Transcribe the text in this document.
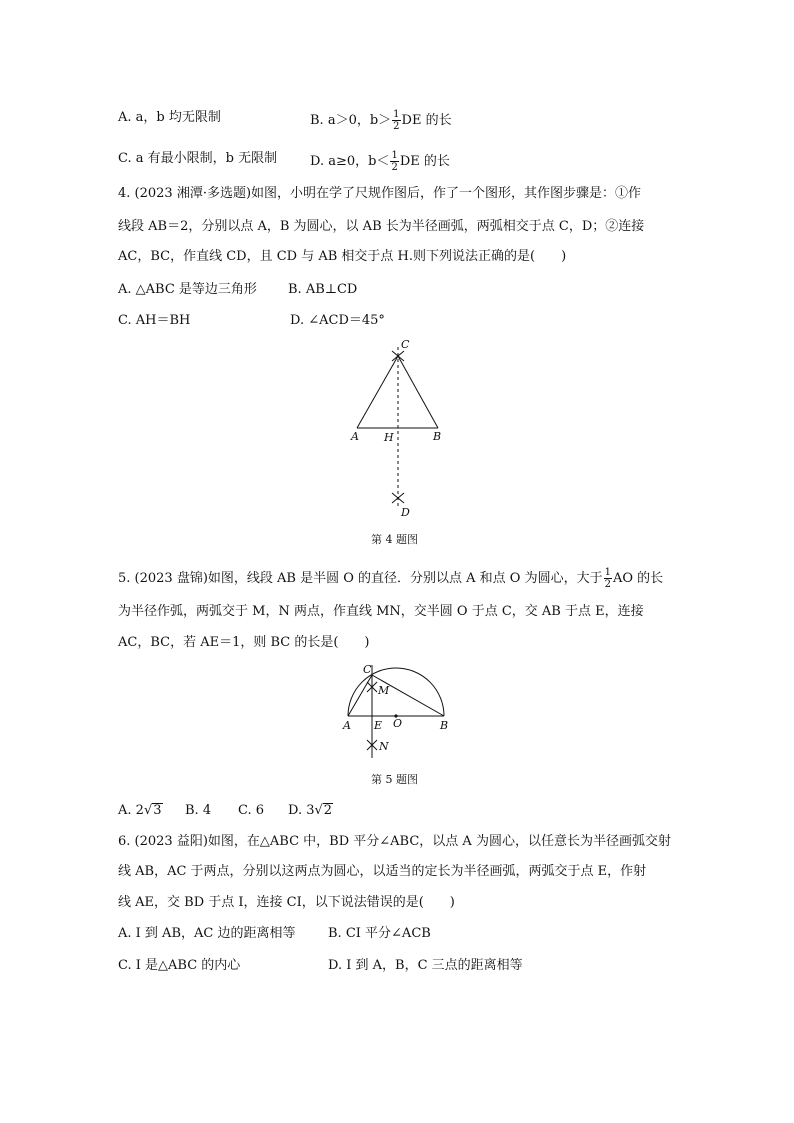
A. a，b 均无限制	B. a＞0，$b> \frac{1}{2}$ DE 的长
C. a 有最小限制，b 无限制	D. a≥0，$b< \frac{1}{2}$ DE 的长
4. (2023 湘潭·多选题)如图，小明在学了尺规作图后，作了一个图形，其作图步骤是：①作
线段 AB＝2，分别以点 A，B 为圆心，以 AB 长为半径画弧，两弧相交于点 C，D；②连接
AC，BC，作直线 CD，且 CD 与 AB 相交于点 H.则下列说法正确的是(　　)
A. △ABC 是等边三角形 B. AB⊥CD
C. AH＝BH	D. ∠ACD＝45°
C
A H	B
D
第 4 题图
5. (2023 盘锦)如图，线段 AB 是半圆 O 的直径．分别以点 A 和点 O 为圆心，大于 $\frac{1}{2}$ AO 的长
为半径作弧，两弧交于 M，N 两点，作直线 MN，交半圆 O 于点 C，交 AB 于点 E，连接
AC，BC，若 AE＝1，则 BC 的长是(　　)
C
M
A E O	B
N
第 5 题图
A. 2√3 B. 4 C. 6 D. 3√2
6. (2023 益阳)如图，在△ABC 中，BD 平分∠ABC，以点 A 为圆心，以任意长为半径画弧交射
线 AB，AC 于两点，分别以这两点为圆心，以适当的定长为半径画弧，两弧交于点 E，作射
线 AE，交 BD 于点 I，连接 CI，以下说法错误的是(　　)
A. I 到 AB，AC 边的距离相等	B. CI 平分∠ACB
C. I 是△ABC 的内心	D. I 到 A，B，C 三点的距离相等
